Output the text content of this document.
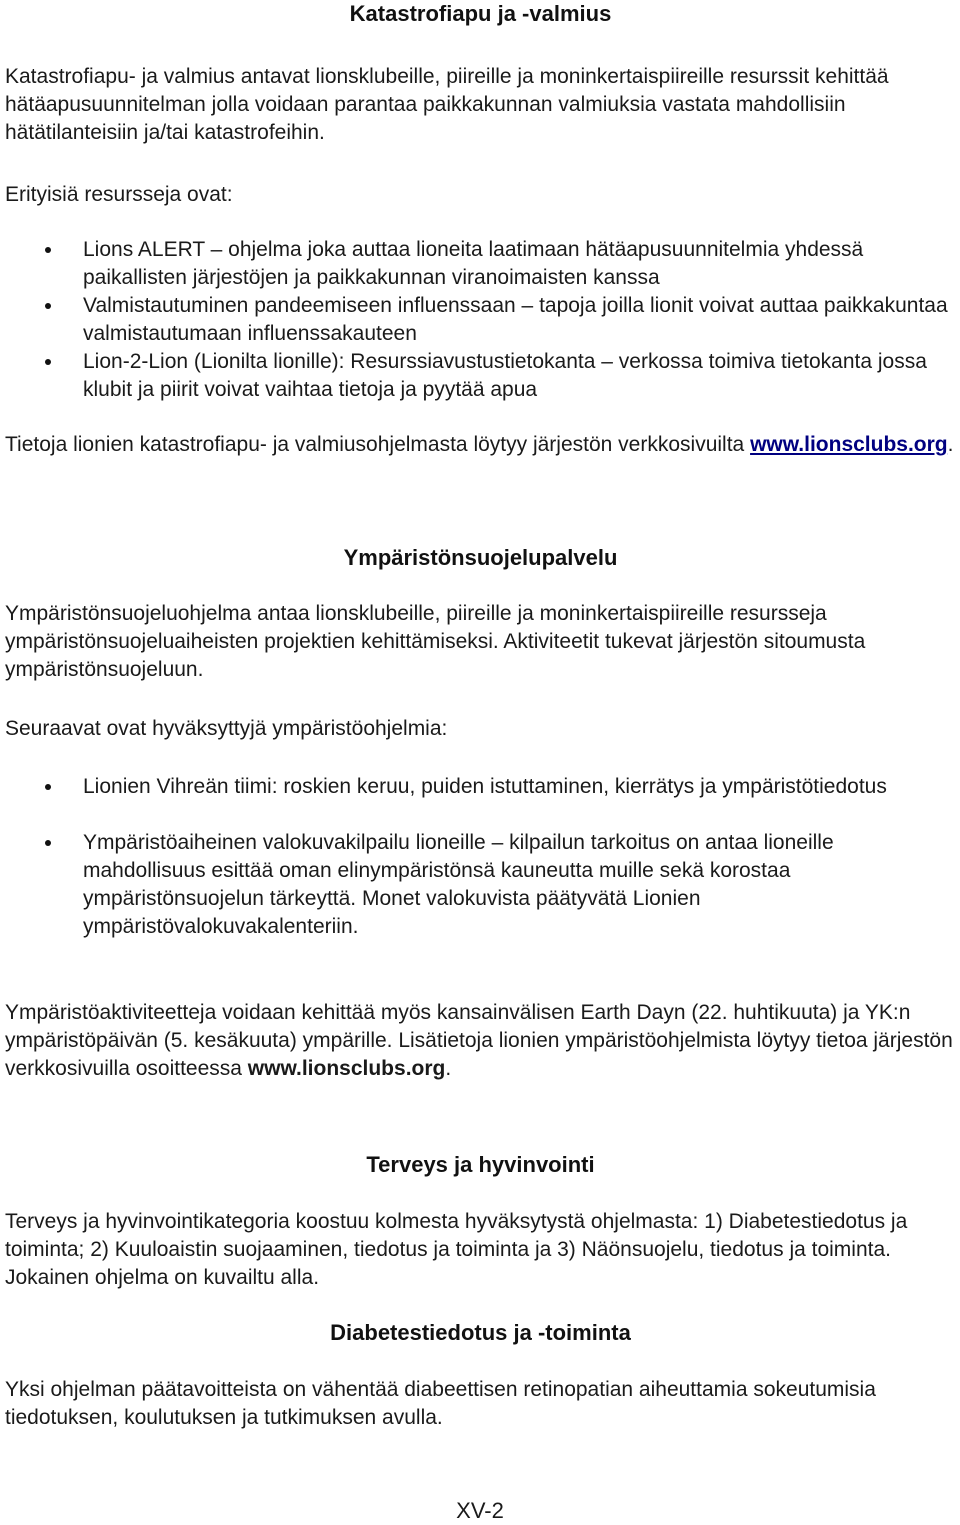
Katastrofiapu ja -valmius

Katastrofiapu- ja valmius antavat lionsklubeille, piireille ja moninkertaispiireille resurssit kehittää hätäapusuunnitelman jolla voidaan parantaa paikkakunnan valmiuksia vastata mahdollisiin hätätilanteisiin ja/tai katastrofeihin.

Erityisiä resursseja ovat:

Lions ALERT – ohjelma joka auttaa lioneita laatimaan hätäapusuunnitelmia yhdessä paikallisten järjestöjen ja paikkakunnan viranoimaisten kanssa
Valmistautuminen pandeemiseen influenssaan – tapoja joilla lionit voivat auttaa paikkakuntaa valmistautumaan influenssakauteen
Lion-2-Lion (Lionilta lionille): Resurssiavustustietokanta – verkossa toimiva tietokanta jossa klubit ja piirit voivat vaihtaa tietoja ja pyytää apua

Tietoja lionien katastrofiapu- ja valmiusohjelmasta löytyy järjestön verkkosivuilta www.lionsclubs.org.

Ympäristönsuojelupalvelu

Ympäristönsuojeluohjelma antaa lionsklubeille, piireille ja moninkertaispiireille resursseja ympäristönsuojeluaiheisten projektien kehittämiseksi. Aktiviteetit tukevat järjestön sitoumusta ympäristönsuojeluun.

Seuraavat ovat hyväksyttyjä ympäristöohjelmia:

Lionien Vihreän tiimi: roskien keruu, puiden istuttaminen, kierrätys ja ympäristötiedotus
Ympäristöaiheinen valokuvakilpailu lioneille – kilpailun tarkoitus on antaa lioneille mahdollisuus esittää oman elinympäristönsä kauneutta muille sekä korostaa ympäristönsuojelun tärkeyttä. Monet valokuvista päätyvätä Lionien ympäristövalokuvakalenteriin.

Ympäristöaktiviteetteja voidaan kehittää myös kansainvälisen Earth Dayn (22. huhtikuuta) ja YK:n ympäristöpäivän (5. kesäkuuta) ympärille. Lisätietoja lionien ympäristöohjelmista löytyy tietoa järjestön verkkosivuilla osoitteessa www.lionsclubs.org.

Terveys ja hyvinvointi

Terveys ja hyvinvointikategoria koostuu kolmesta hyväksytystä ohjelmasta: 1) Diabetestiedotus ja toiminta; 2) Kuuloaistin suojaaminen, tiedotus ja toiminta ja 3) Näönsuojelu, tiedotus ja toiminta. Jokainen ohjelma on kuvailtu alla.

Diabetestiedotus ja -toiminta

Yksi ohjelman päätavoitteista on vähentää diabeettisen retinopatian aiheuttamia sokeutumisia tiedotuksen, koulutuksen ja tutkimuksen avulla.

XV-2
